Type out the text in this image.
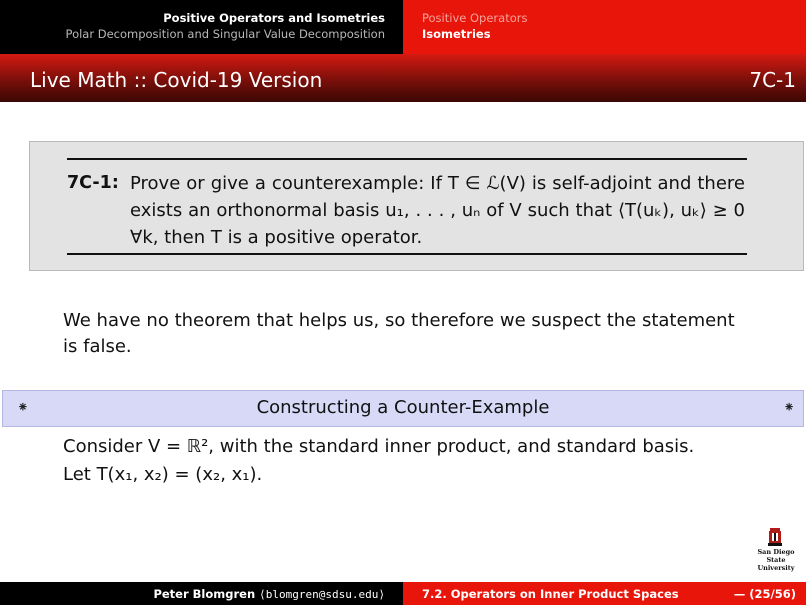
Positive Operators and Isometries
Polar Decomposition and Singular Value Decomposition
Positive Operators
Isometries
Live Math :: Covid-19 Version	7C-1
7C-1: Prove or give a counterexample: If T ∈ ℒ(V) is self-adjoint and there exists an orthonormal basis u₁, . . . , uₙ of V such that ⟨T(uₖ), uₖ⟩ ≥ 0 ∀k, then T is a positive operator.
We have no theorem that helps us, so therefore we suspect the statement is false.
⁕	Constructing a Counter-Example	⁕
Consider V = ℝ², with the standard inner product, and standard basis.
Let T(x₁, x₂) = (x₂, x₁).
San Diego State University
Peter Blomgren ⟨blomgren@sdsu.edu⟩	7.2. Operators on Inner Product Spaces	— (25/56)
